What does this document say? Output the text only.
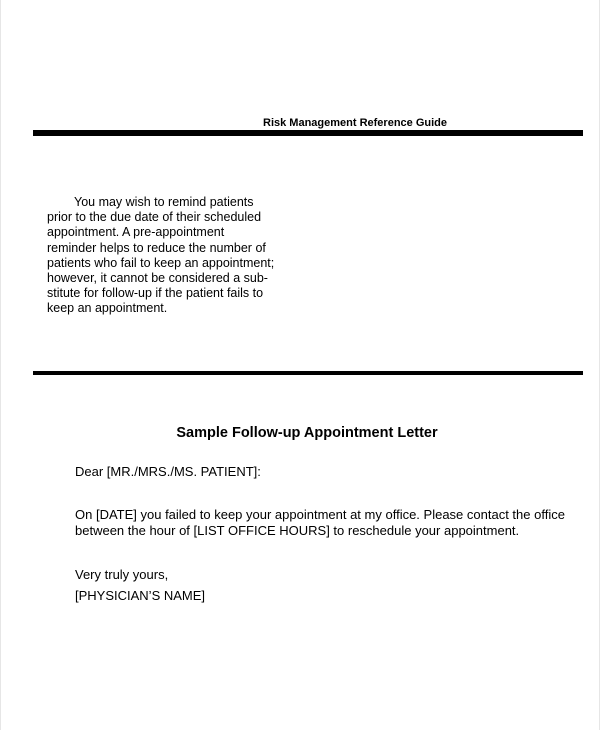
Risk Management Reference Guide

You may wish to remind patients
prior to the due date of their scheduled
appointment. A pre-appointment
reminder helps to reduce the number of
patients who fail to keep an appointment;
however, it cannot be considered a sub-
stitute for follow-up if the patient fails to
keep an appointment.

Sample Follow-up Appointment Letter
Dear [MR./MRS./MS. PATIENT]:
On [DATE] you failed to keep your appointment at my office. Please contact the office
between the hour of [LIST OFFICE HOURS] to reschedule your appointment.
Very truly yours,
[PHYSICIAN’S NAME]
